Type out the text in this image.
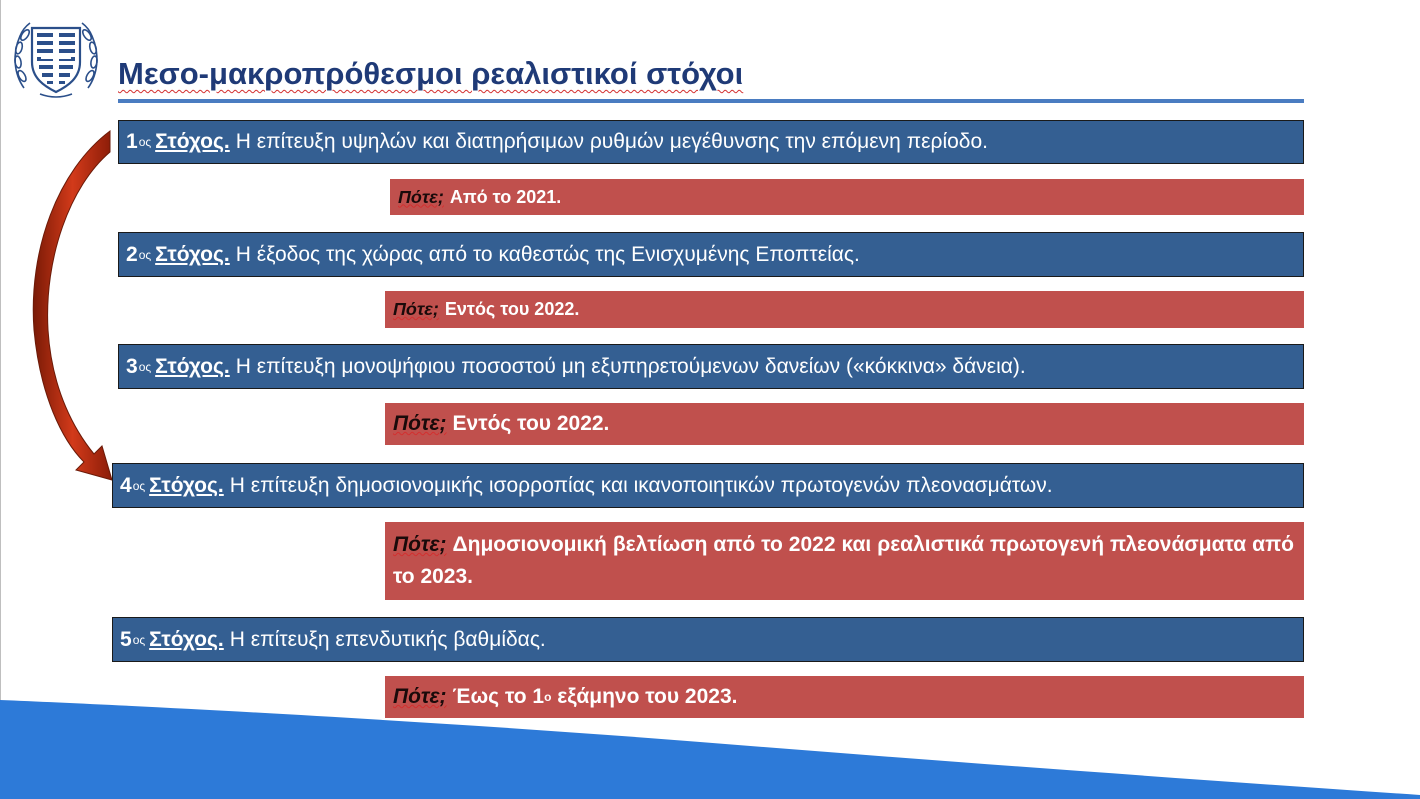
Μεσο-μακροπρόθεσμοι ρεαλιστικοί στόχοι
1 ος Στόχος. Η επίτευξη υψηλών και διατηρήσιμων ρυθμών μεγέθυνσης την επόμενη περίοδο.
Πότε; Από το 2021.
2 ος Στόχος. Η έξοδος της χώρας από το καθεστώς της Ενισχυμένης Εποπτείας.
Πότε; Εντός του 2022.
3 ος Στόχος. Η επίτευξη μονοψήφιου ποσοστού μη εξυπηρετούμενων δανείων («κόκκινα» δάνεια).
Πότε; Εντός του 2022.
4 ος Στόχος. Η επίτευξη δημοσιονομικής ισορροπίας και ικανοποιητικών πρωτογενών πλεονασμάτων.
Πότε; Δημοσιονομική βελτίωση από το 2022 και ρεαλιστικά πρωτογενή πλεονάσματα από το 2023.
5 ος Στόχος. Η επίτευξη επενδυτικής βαθμίδας.
Πότε; Έως το 1 ο
εξάμηνο του 2023.
